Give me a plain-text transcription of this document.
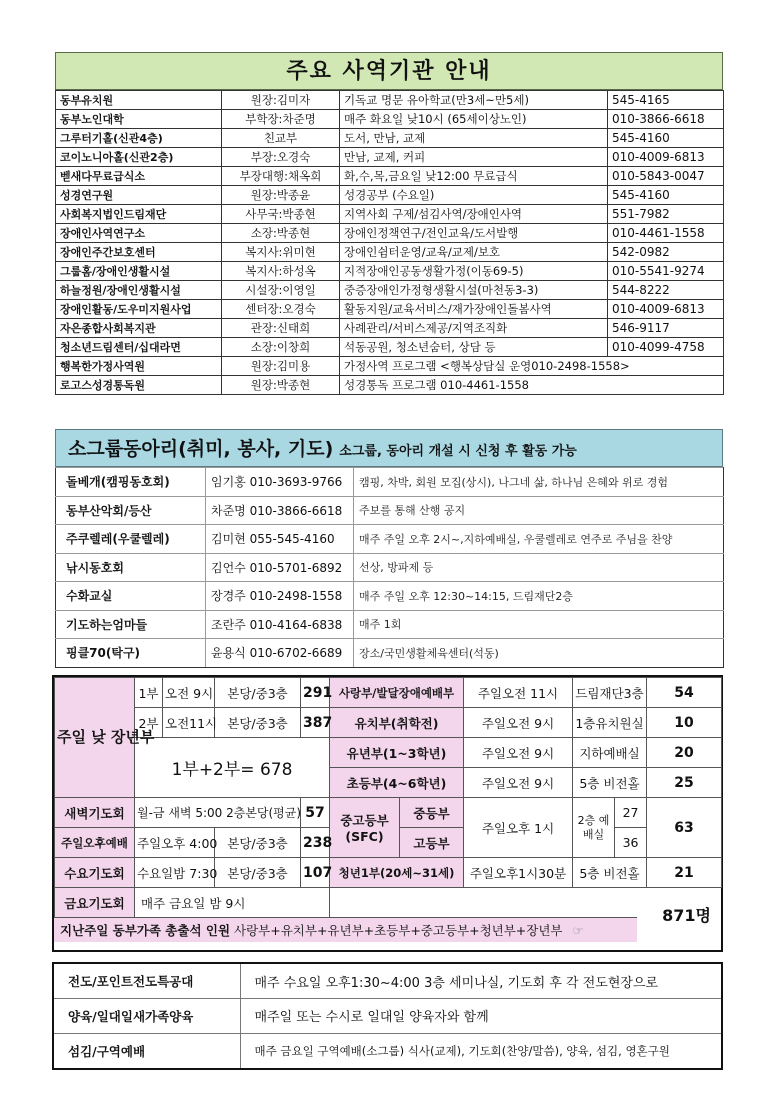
주요 사역기관 안내
동부유치원	원장:김미자	기독교 명문 유아학교(만3세~만5세)	545-4165
동부노인대학	부학장:차준명	매주 화요일 낮10시 (65세이상노인)	010-3866-6618
그루터기홀(신관4층)	친교부	도서, 만남, 교제	545-4160
코이노니아홀(신관2층)	부장:오경숙	만남, 교제, 커피	010-4009-6813
벧새다무료급식소	부장대행:채옥희	화,수,목,금요일 낮12:00 무료급식	010-5843-0047
성경연구원	원장:박종윤	성경공부 (수요일)	545-4160
사회복지법인드림재단	사무국:박종현	지역사회 구제/섬김사역/장애인사역	551-7982
장애인사역연구소	소장:박종현	장애인정책연구/전인교육/도서발행	010-4461-1558
장애인주간보호센터	복지사:위미현	장애인쉼터운영/교육/교제/보호	542-0982
그룹홈/장애인생활시설	복지사:하성옥	지적장애인공동생활가정(이동69-5)	010-5541-9274
하늘정원/장애인생활시설	시설장:이영일	중증장애인가정형생활시설(마천동3-3)	544-8222
장애인활동/도우미지원사업	센터장:오경숙	활동지원/교육서비스/재가장애인돌봄사역	010-4009-6813
자은종합사회복지관	관장:신태희	사례관리/서비스제공/지역조직화	546-9117
청소년드림센터/십대라면	소장:이창희	석동공원, 청소년숨터, 상담 등	010-4099-4758
행복한가정사역원	원장:김미용	가정사역 프로그램 <행복상담실 운영010-2498-1558>	
로고스성경통독원	원장:박종현	성경통독 프로그램 010-4461-1558	
소그룹동아리(취미, 봉사, 기도) 소그룹, 동아리 개설 시 신청 후 활동 가능
돌베개(캠핑동호회)	임기홍 010-3693-9766	캠핑, 차박, 회원 모집(상시), 나그네 삶, 하나님 은혜와 위로 경험
동부산악회/등산	차준명 010-3866-6618	주보를 통해 산행 공지
주쿠렐레(우쿨렐레)	김미현 055-545-4160	매주 주일 오후 2시~,지하예배실, 우쿨렐레로 연주로 주님을 찬양
낚시동호회	김언수 010-5701-6892	선상, 방파제 등
수화교실	장경주 010-2498-1558	매주 주일 오후 12:30~14:15, 드림재단2층
기도하는엄마들	조란주 010-4164-6838	매주 1회
핑클70(탁구)	윤용식 010-6702-6689	장소/국민생활체육센터(석동)
주일 낮 장년부	1부	오전 9시	본당/중3층	291	사랑부/발달장애예배부		주일오전 11시	드림재단3층		54
	2부	오전11시	본당/중3층	387	유치부(취학전)		주일오전 9시	1층유치원실		10
	1부+2부= 678				유년부(1~3학년)		주일오전 9시	지하예배실		20
					초등부(4~6학년)		주일오전 9시	5층 비전홀		25
새벽기도회	월-금 새벽 5:00 2층본당(평균)			57	중고등부 (SFC)	중등부	주일오후 1시	2층 예배실	27	63
주일오후예배	주일오후 4:00		본당/중3층	238		고등부			36	
수요기도회	수요일밤 7:30		본당/중3층	107	청년1부(20세~31세)		주일오후1시30분	5층 비전홀		21
금요기도회	매주 금요일 밤 9시									
지난주일 동부가족 총출석 인원 사랑부+유치부+유년부+초등부+중고등부+청년부+장년부 ☞
871명
전도/포인트전도특공대	매주 수요일 오후1:30~4:00 3층 세미나실, 기도회 후 각 전도현장으로
양육/일대일새가족양육	매주일 또는 수시로 일대일 양육자와 함께
섬김/구역예배	매주 금요일 구역예배(소그룹) 식사(교제), 기도회(찬양/말씀), 양육, 섬김, 영혼구원
